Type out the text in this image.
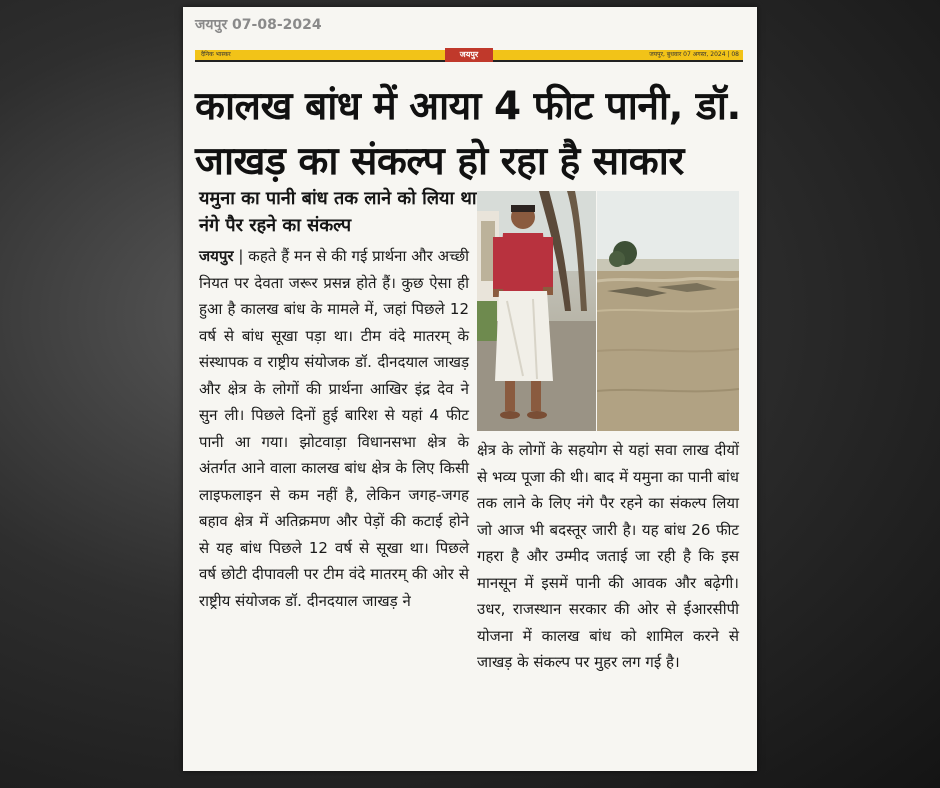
जयपुर 07-08-2024
दैनिक भास्कर	जयपुर	जयपुर, बुधवार 07 अगस्त, 2024 | 08
कालख बांध में आया 4 फीट पानी, डॉ.
जाखड़ का संकल्प हो रहा है साकार
यमुना का पानी बांध तक लाने को लिया था नंगे पैर रहने का संकल्प
जयपुर | कहते हैं मन से की गई प्रार्थना और अच्छी नियत पर देवता जरूर प्रसन्न होते हैं। कुछ ऐसा ही हुआ है कालख बांध के मामले में, जहां पिछले 12 वर्ष से बांध सूखा पड़ा था। टीम वंदे मातरम् के संस्थापक व राष्ट्रीय संयोजक डॉ. दीनदयाल जाखड़ और क्षेत्र के लोगों की प्रार्थना आखिर इंद्र देव ने सुन ली। पिछले दिनों हुई बारिश से यहां 4 फीट पानी आ गया। झोटवाड़ा विधानसभा क्षेत्र के अंतर्गत आने वाला कालख बांध क्षेत्र के लिए किसी लाइफलाइन से कम नहीं है, लेकिन जगह-जगह बहाव क्षेत्र में अतिक्रमण और पेड़ों की कटाई होने से यह बांध पिछले 12 वर्ष से सूखा था। पिछले वर्ष छोटी दीपावली पर टीम वंदे मातरम् की ओर से राष्ट्रीय संयोजक डॉ. दीनदयाल जाखड़ ने
क्षेत्र के लोगों के सहयोग से यहां सवा लाख दीयों से भव्य पूजा की थी। बाद में यमुना का पानी बांध तक लाने के लिए नंगे पैर रहने का संकल्प लिया जो आज भी बदस्तूर जारी है। यह बांध 26 फीट गहरा है और उम्मीद जताई जा रही है कि इस मानसून में इसमें पानी की आवक और बढ़ेगी। उधर, राजस्थान सरकार की ओर से ईआरसीपी योजना में कालख बांध को शामिल करने से जाखड़ के संकल्प पर मुहर लग गई है।
